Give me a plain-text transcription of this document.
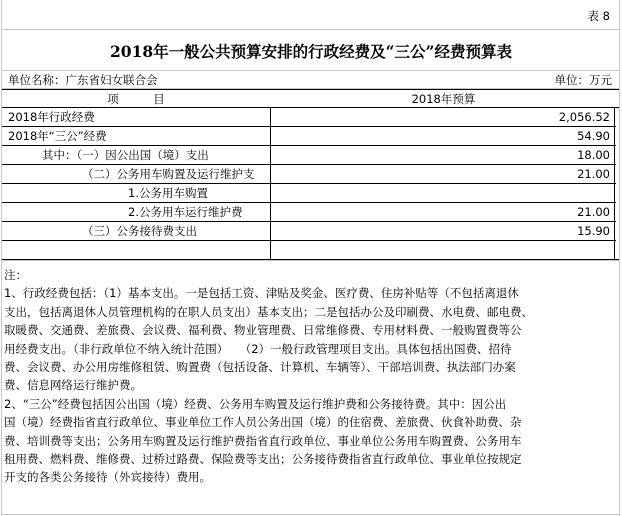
表 8
2018年一般公共预算安排的行政经费及“三公”经费预算表
单位名称：广东省妇女联合会	单位：万元
项　　　目	2018年预算
2018年行政经费	2,056.52
2018年“三公”经费	54.90
其中：（一）因公出国（境）支出	18.00
（二）公务用车购置及运行维护支	21.00
1.公务用车购置
2.公务用车运行维护费	21.00
（三）公务接待费支出	15.90

注：

1、行政经费包括：（1）基本支出。一是包括工资、津贴及奖金、医疗费、住房补贴等（不包括离退休

支出，包括离退休人员管理机构的在职人员支出）基本支出；二是包括办公及印刷费、水电费、邮电费、

取暖费、交通费、差旅费、会议费、福利费、物业管理费、日常维修费、专用材料费、一般购置费等公

用经费支出。（非行政单位不纳入统计范围）　　（2）一般行政管理项目支出。具体包括出国费、招待

费、会议费、办公用房维修租赁、购置费（包括设备、计算机、车辆等）、干部培训费、执法部门办案

费、信息网络运行维护费。

2、“三公”经费包括因公出国（境）经费、公务用车购置及运行维护费和公务接待费。其中：因公出

国（境）经费指省直行政单位、事业单位工作人员公务出国（境）的住宿费、差旅费、伙食补助费、杂

费、培训费等支出；公务用车购置及运行维护费指省直行政单位、事业单位公务用车购置费、公务用车

租用费、燃料费、维修费、过桥过路费、保险费等支出；公务接待费指省直行政单位、事业单位按规定

开支的各类公务接待（外宾接待）费用。
